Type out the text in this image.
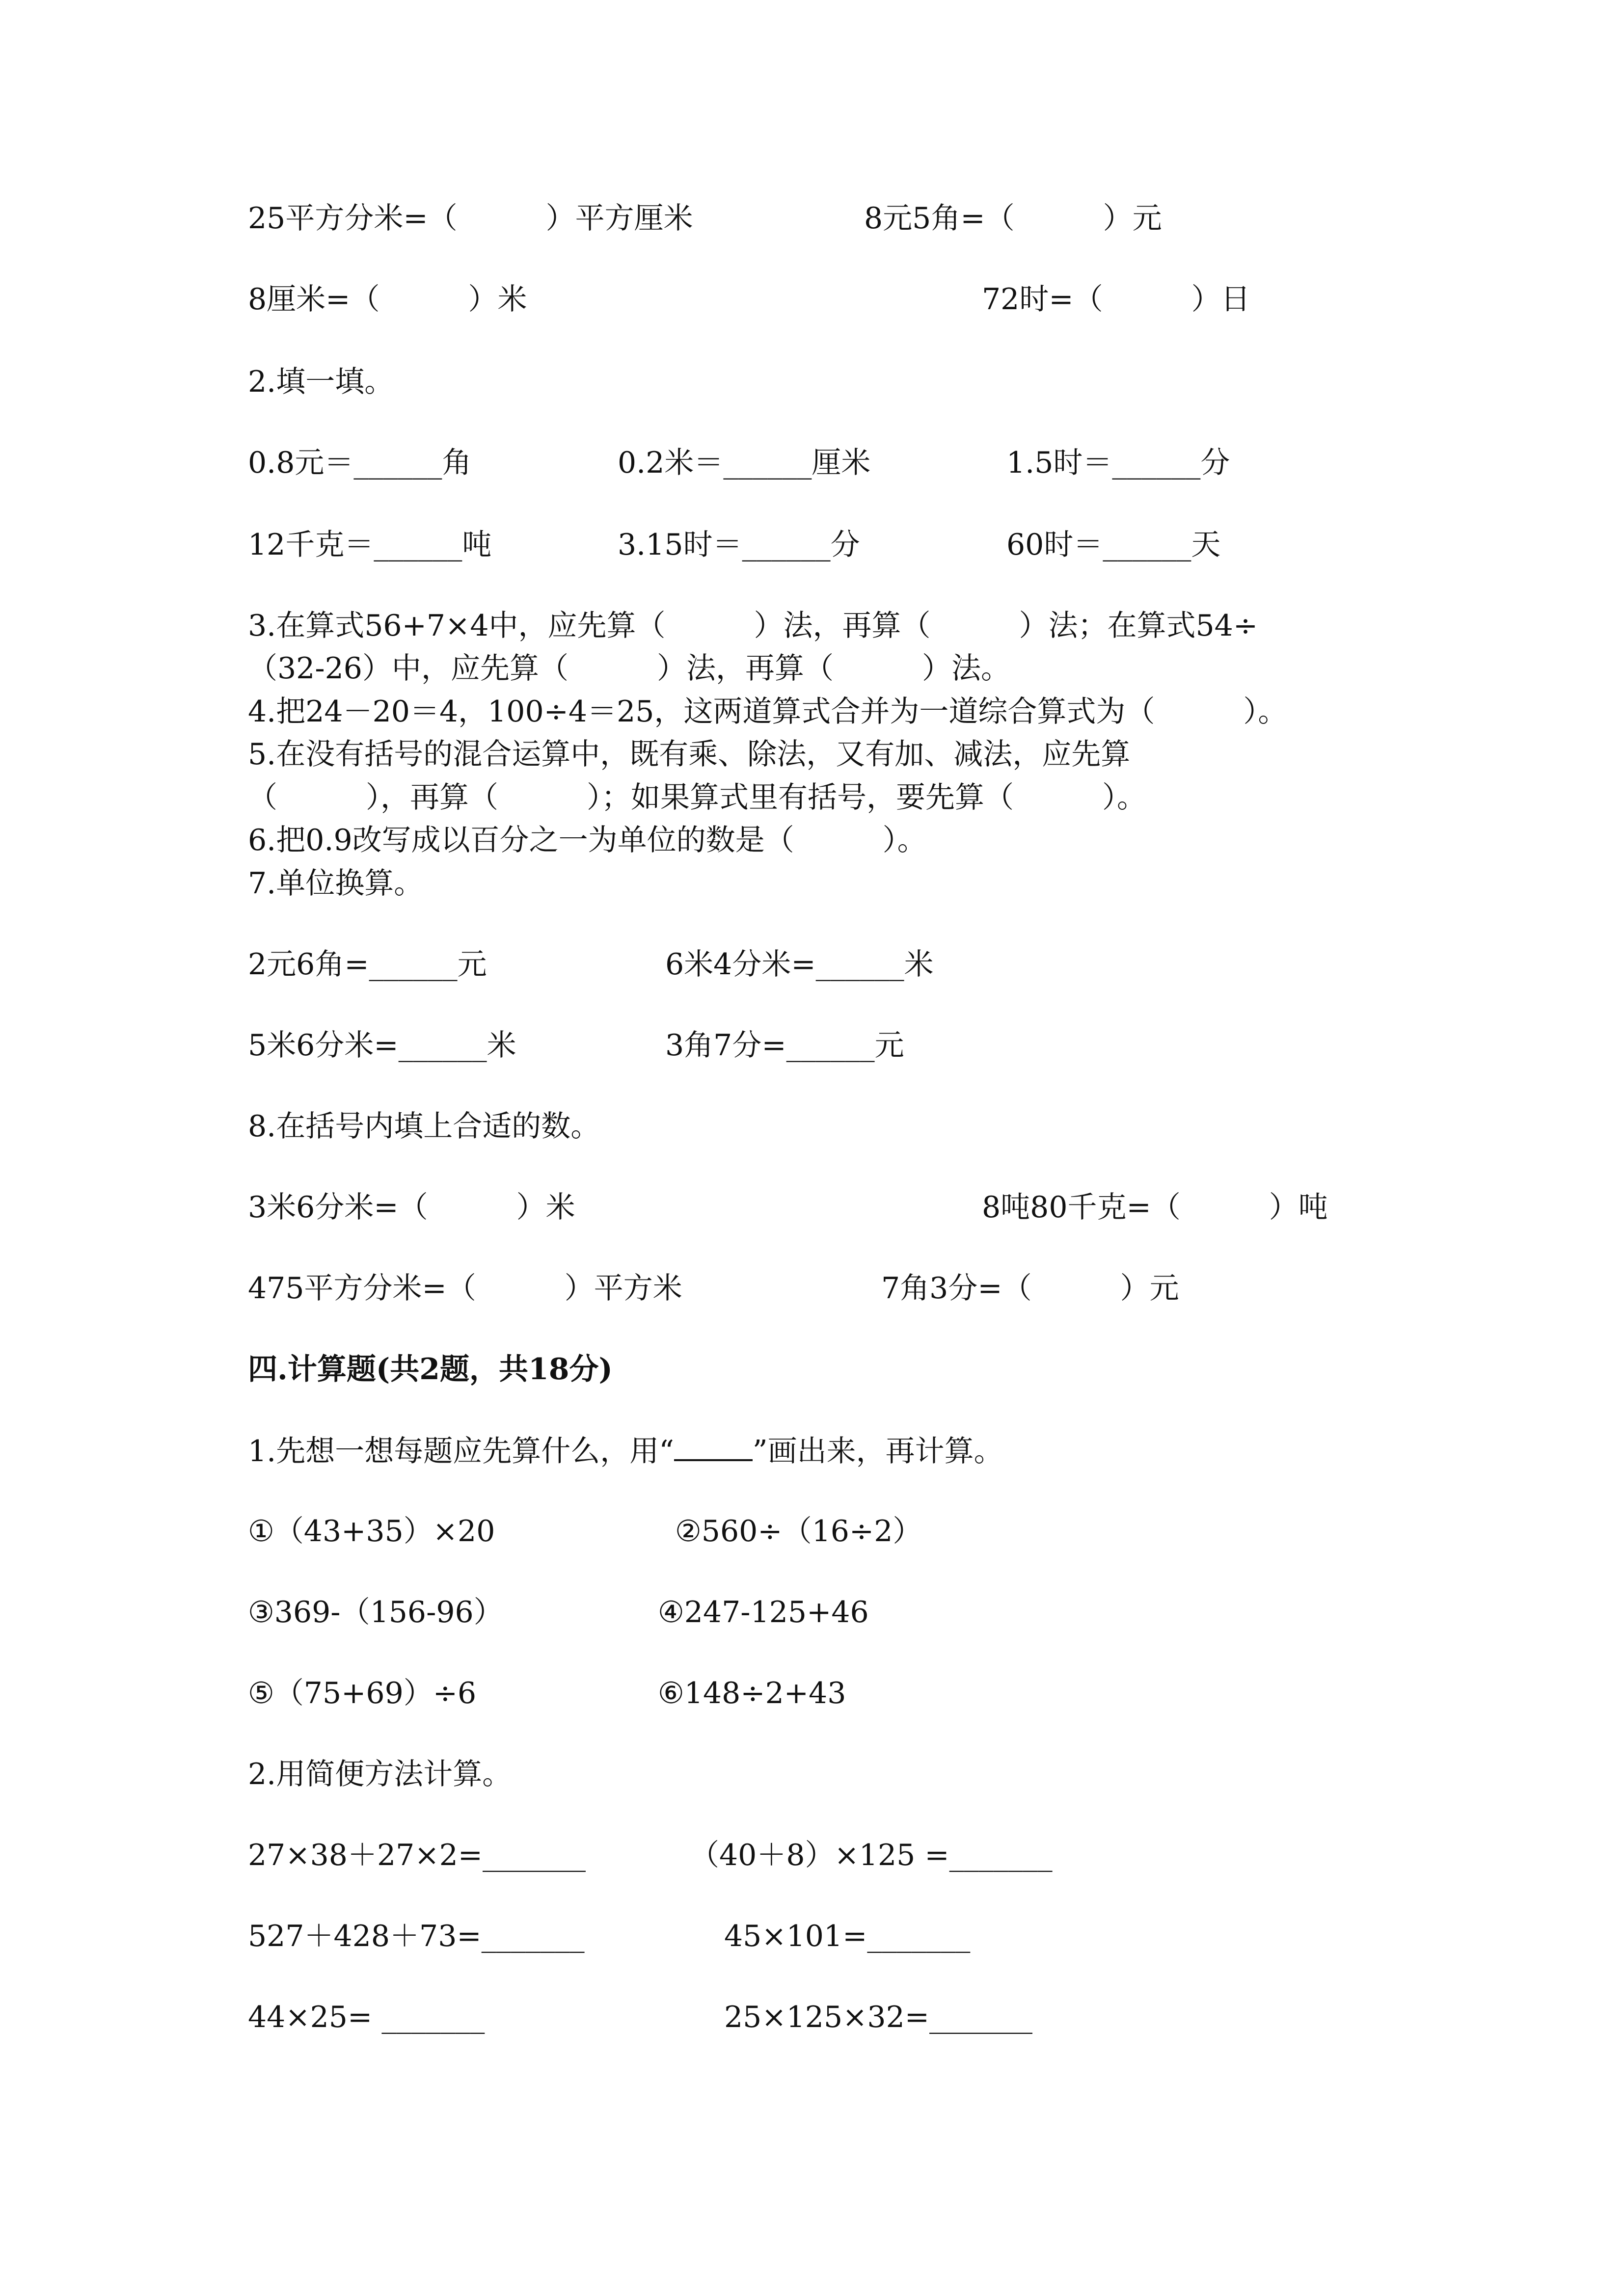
25平方分米=（　　　）平方厘米	8元5角=（　　　）元

8厘米=（　　　）米	72时=（　　　）日

2.填一填。

0.8元＝______角	0.2米＝______厘米	1.5时＝______分

12千克＝______吨	3.15时＝______分	60时＝______天

3.在算式56+7×4中，应先算（　　　）法，再算（　　　）法；在算式54÷

（32-26）中，应先算（　　　）法，再算（　　　）法。

4.把24－20＝4，100÷4＝25，这两道算式合并为一道综合算式为（　　　）。

5.在没有括号的混合运算中，既有乘、除法，又有加、减法，应先算

（　　　），再算（　　　）；如果算式里有括号，要先算（　　　）。

6.把0.9改写成以百分之一为单位的数是（　　　）。

7.单位换算。

2元6角=______元	6米4分米=______米

5米6分米=______米	3角7分=______元

8.在括号内填上合适的数。

3米6分米=（　　　）米	8吨80千克=（　　　）吨

475平方分米=（　　　）平方米	7角3分=（　　　）元

四.计算题(共2题，共18分)

1.先想一想每题应先算什么，用“	”画出来，再计算。

①（43+35）×20	②560÷（16÷2）

③369-（156-96）	④247-125+46

⑤（75+69）÷6	⑥148÷2+43

2.用简便方法计算。

27×38＋27×2=_______	（40＋8）×125 =_______

527＋428＋73=_______	45×101=_______

44×25= _______	25×125×32=_______
